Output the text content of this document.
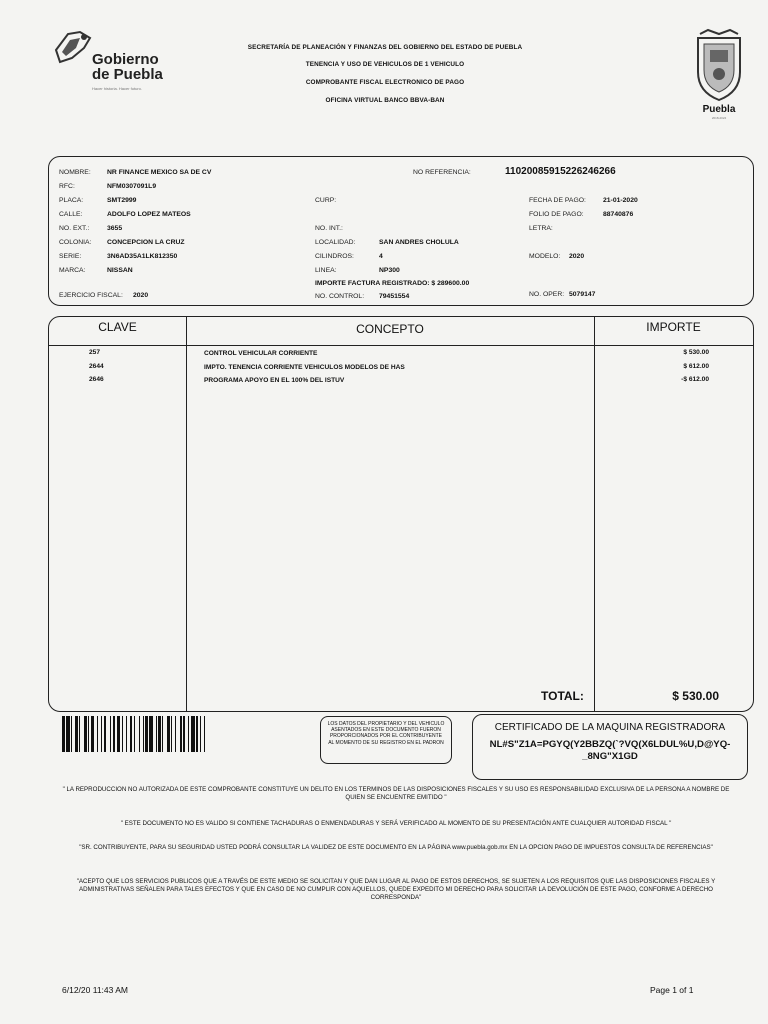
Gobierno
de Puebla
Hacer historia. Hacer futuro.
SECRETARÍA DE PLANEACIÓN Y FINANZAS DEL GOBIERNO DEL ESTADO DE PUEBLA
TENENCIA Y USO DE VEHICULOS DE 1 VEHICULO
COMPROBANTE FISCAL ELECTRONICO DE PAGO
OFICINA VIRTUAL BANCO BBVA-BAN
Puebla
2018-2024
NOMBRE: NR FINANCE MEXICO SA DE CV	NO REFERENCIA:	11020085915226246266
RFC:	NFM0307091L9
PLACA:	SMT2999	CURP:	FECHA DE PAGO:	21-01-2020
CALLE:	ADOLFO LOPEZ MATEOS	FOLIO DE PAGO:	88740876
NO. EXT.:	3655	NO. INT.:	LETRA:
COLONIA: CONCEPCION LA CRUZ	LOCALIDAD:	SAN ANDRES CHOLULA
SERIE:	3N6AD35A1LK812350	CILINDROS:	4	MODELO: 2020
MARCA:	NISSAN	LINEA:	NP300
IMPORTE FACTURA REGISTRADO: $ 289600.00
EJERCICIO FISCAL: 2020	NO. CONTROL: 79451554	NO. OPER: 5079147
CLAVE	CONCEPTO	IMPORTE
257	CONTROL VEHICULAR CORRIENTE	$ 530.00
2644	IMPTO. TENENCIA CORRIENTE VEHICULOS MODELOS DE HAS	$ 612.00
2646	PROGRAMA APOYO EN EL 100% DEL ISTUV	-$ 612.00
TOTAL:	$ 530.00
LOS DATOS DEL PROPIETARIO Y DEL VEHICULO ASENTADOS EN ESTE DOCUMENTO FUERON PROPORCIONADOS POR EL CONTRIBUYENTE AL MOMENTO DE SU REGISTRO EN EL PADRON
CERTIFICADO DE LA MAQUINA REGISTRADORA
NL#S"Z1A=PGYQ(Y2BBZQ(`?VQ(X6LDUL%U,D@YQ-_8NG"X1GD
" LA REPRODUCCION NO AUTORIZADA DE ESTE COMPROBANTE CONSTITUYE UN DELITO EN LOS TERMINOS DE LAS DISPOSICIONES FISCALES Y SU USO ES RESPONSABILIDAD EXCLUSIVA DE LA PERSONA A NOMBRE DE QUIEN SE ENCUENTRE EMITIDO "
" ESTE DOCUMENTO NO ES VALIDO SI CONTIENE TACHADURAS O ENMENDADURAS Y SERÁ VERIFICADO AL MOMENTO DE SU PRESENTACIÓN ANTE CUALQUIER AUTORIDAD FISCAL "
"SR. CONTRIBUYENTE, PARA SU SEGURIDAD USTED PODRÁ CONSULTAR LA VALIDEZ DE ESTE DOCUMENTO EN LA PÁGINA www.puebla.gob.mx EN LA OPCION PAGO DE IMPUESTOS CONSULTA DE REFERENCIAS"
"ACEPTO QUE LOS SERVICIOS PUBLICOS QUE A TRAVÉS DE ESTE MEDIO SE SOLICITAN Y QUE DAN LUGAR AL PAGO DE ESTOS DERECHOS, SE SUJETEN A LOS REQUISITOS QUE LAS DISPOSICIONES FISCALES Y ADMINISTRATIVAS SEÑALEN PARA TALES EFECTOS Y QUE EN CASO DE NO CUMPLIR CON AQUELLOS, QUEDE EXPEDITO MI DERECHO PARA SOLICITAR LA DEVOLUCIÓN DE ESTE PAGO, CONFORME A DERECHO CORRESPONDA"
6/12/20 11:43 AM	Page 1 of 1
